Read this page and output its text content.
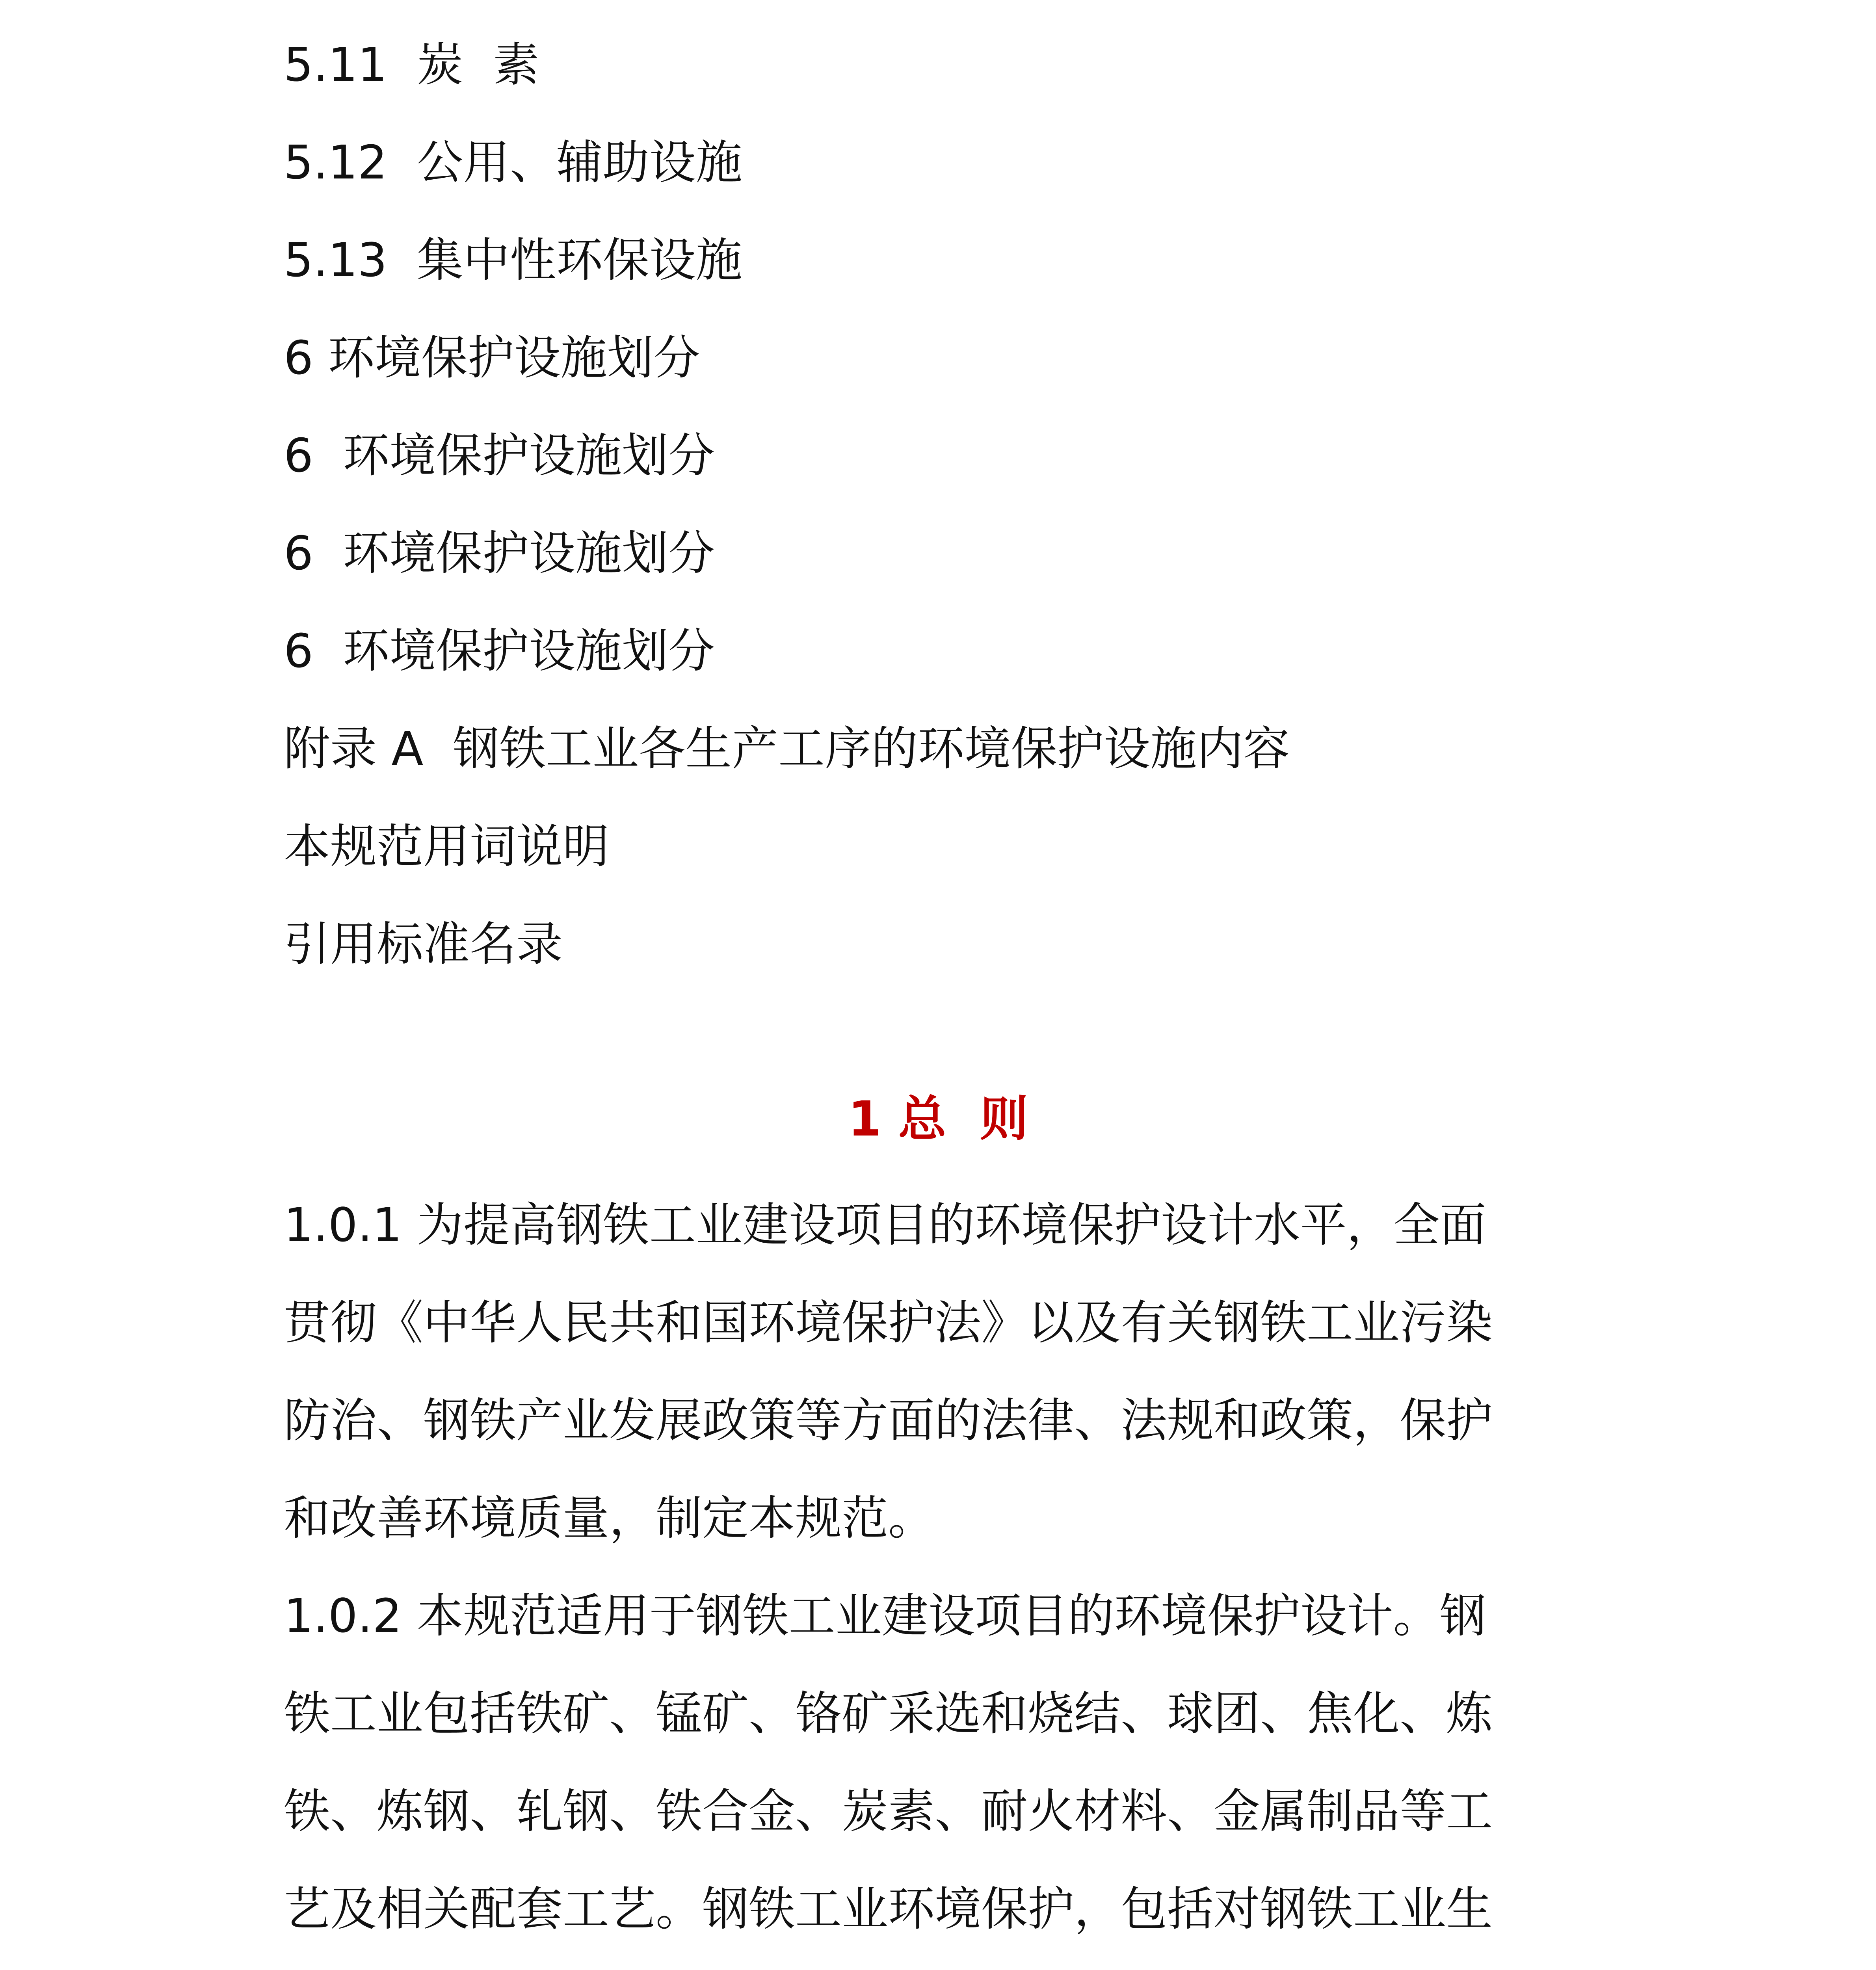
5.11  炭  素
5.12  公用、辅助设施
5.13  集中性环保设施
6 环境保护设施划分
6  环境保护设施划分
6  环境保护设施划分
6  环境保护设施划分
附录 A  钢铁工业各生产工序的环境保护设施内容
本规范用词说明
引用标准名录
1 总  则
1.0.1 为提高钢铁工业建设项目的环境保护设计水平，全面
贯彻《中华人民共和国环境保护法》以及有关钢铁工业污染
防治、钢铁产业发展政策等方面的法律、法规和政策，保护
和改善环境质量，制定本规范。
1.0.2 本规范适用于钢铁工业建设项目的环境保护设计。钢
铁工业包括铁矿、锰矿、铬矿采选和烧结、球团、焦化、炼
铁、炼钢、轧钢、铁合金、炭素、耐火材料、金属制品等工
艺及相关配套工艺。钢铁工业环境保护，包括对钢铁工业生
